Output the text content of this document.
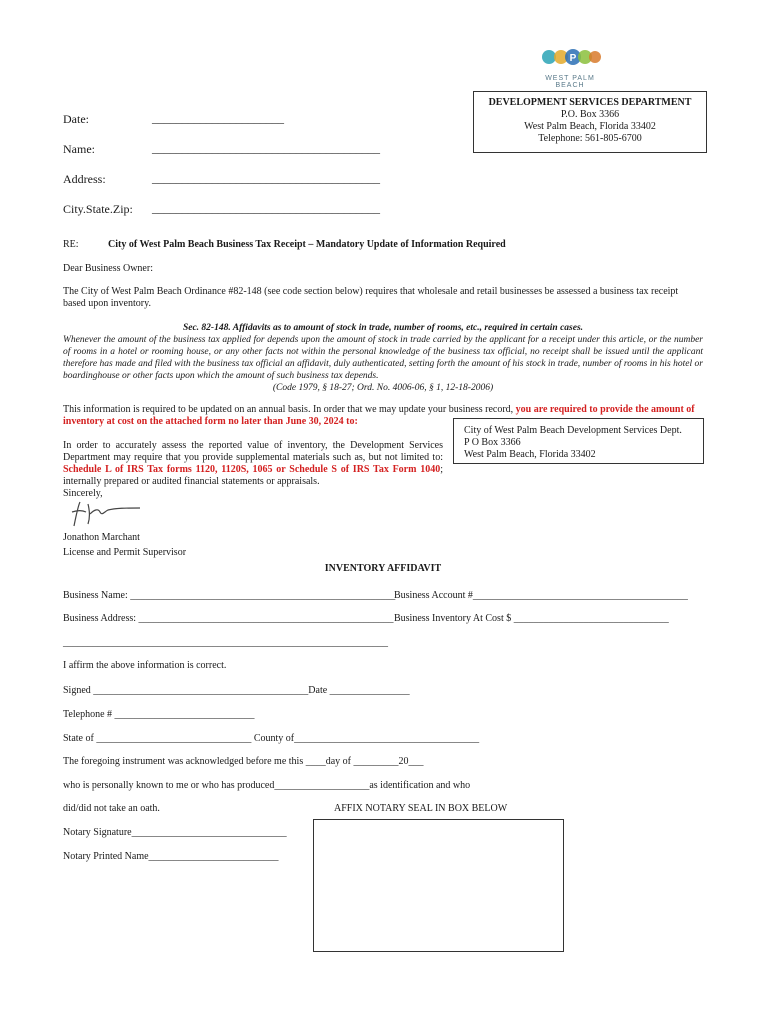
P
WEST PALM BEACH
DEVELOPMENT SERVICES DEPARTMENT
P.O. Box 3366
West Palm Beach, Florida 33402
Telephone: 561-805-6700
Date:	______________________
Name:	______________________________________
Address:	______________________________________
City.State.Zip: ______________________________________
RE:	City of West Palm Beach Business Tax Receipt – Mandatory Update of Information Required
Dear Business Owner:
The City of West Palm Beach Ordinance #82-148 (see code section below) requires that wholesale and retail businesses be assessed a business tax receipt based upon inventory.
Sec. 82-148. Affidavits as to amount of stock in trade, number of rooms, etc., required in certain cases.
Whenever the amount of the business tax applied for depends upon the amount of stock in trade carried by the applicant for a receipt under this article, or the number of rooms in a hotel or rooming house, or any other facts not within the personal knowledge of the business tax official, no receipt shall be issued until the applicant therefore has made and filed with the business tax official an affidavit, duly authenticated, setting forth the amount of his stock in trade, number of rooms in his hotel or boardinghouse or other facts upon which the amount of such business tax depends.
(Code 1979, § 18-27; Ord. No. 4006-06, § 1, 12-18-2006)
This information is required to be updated on an annual basis. In order that we may update your business record, you are required to provide the amount of inventory at cost on the attached form no later than June 30, 2024 to:
City of West Palm Beach Development Services Dept.
P O Box 3366
West Palm Beach, Florida 33402
In order to accurately assess the reported value of inventory, the Development Services Department may require that you provide supplemental materials such as, but not limited to: Schedule L of IRS Tax forms 1120, 1120S, 1065 or Schedule S of IRS Tax Form 1040; internally prepared or audited financial statements or appraisals.
Sincerely,
Jonathon Marchant
License and Permit Supervisor
INVENTORY AFFIDAVIT
Business Name: _____________________________________________________
Business Account #___________________________________________
Business Address: ___________________________________________________ Business Inventory At Cost $ _______________________________
_________________________________________________________________
I affirm the above information is correct.
Signed ___________________________________________Date ________________
Telephone # ____________________________
State of _______________________________ County of_____________________________________
The foregoing instrument was acknowledged before me this ____day of _________20___
who is personally known to me or who has produced___________________as identification and who
did/did not take an oath.	AFFIX NOTARY SEAL IN BOX BELOW
Notary Signature_______________________________
Notary Printed Name__________________________
